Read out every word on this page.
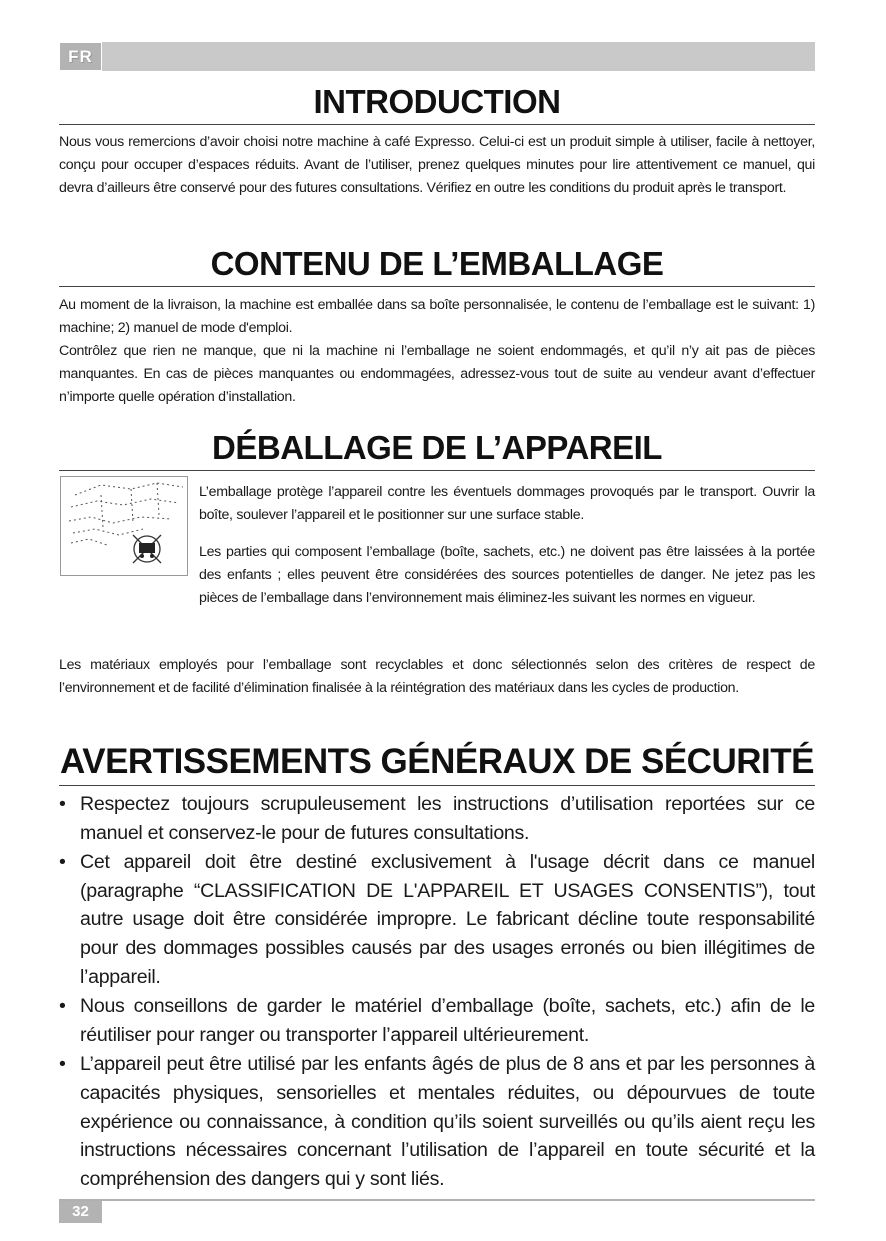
FR
INTRODUCTION

Nous vous remercions d’avoir choisi notre machine à café Expresso. Celui-ci est un produit simple à utiliser, facile à nettoyer, conçu pour occuper d’espaces réduits. Avant de l’utiliser, prenez quelques minutes pour lire attentivement ce manuel, qui devra d’ailleurs être conservé pour des futures consultations. Vérifiez en outre les conditions du produit après le transport.

CONTENU DE L’EMBALLAGE

Au moment de la livraison, la machine est emballée dans sa boîte personnalisée, le contenu de l’emballage est le suivant: 1) machine; 2) manuel de mode d'emploi.

Contrôlez que rien ne manque, que ni la machine ni l’emballage ne soient endommagés, et qu’il n’y ait pas de pièces manquantes. En cas de pièces manquantes ou endommagées, adressez-vous tout de suite au vendeur avant d’effectuer n’importe quelle opération d’installation.

DÉBALLAGE DE L’APPAREIL

L’emballage protège l’appareil contre les éventuels dommages provoqués par le transport. Ouvrir la boîte, soulever l’appareil et le positionner sur une surface stable.

Les parties qui composent l’emballage (boîte, sachets, etc.) ne doivent pas être laissées à la portée des enfants ; elles peuvent être considérées des sources potentielles de danger. Ne jetez pas les pièces de l’emballage dans l’environnement mais éliminez-les suivant les normes en vigueur.

Les matériaux employés pour l’emballage sont recyclables et donc sélectionnés selon des critères de respect de l’environnement et de facilité d’élimination finalisée à la réintégration des matériaux dans les cycles de production.

AVERTISSEMENTS GÉNÉRAUX DE SÉCURITÉ
• Respectez toujours scrupuleusement les instructions d’utilisation reportées sur ce manuel et conservez-le pour de futures consultations.
• Cet appareil doit être destiné exclusivement à l'usage décrit dans ce manuel (paragraphe “CLASSIFICATION DE L'APPAREIL ET USAGES CONSENTIS”), tout autre usage doit être considérée impropre. Le fabricant décline toute responsabilité pour des dommages possibles causés par des usages erronés ou bien illégitimes de l’appareil.
• Nous conseillons de garder le matériel d’emballage (boîte, sachets, etc.) afin de le réutiliser pour ranger ou transporter l’appareil ultérieurement.
• L’appareil peut être utilisé par les enfants âgés de plus de 8 ans et par les personnes à capacités physiques, sensorielles et mentales réduites, ou dépourvues de toute expérience ou connaissance, à condition qu’ils soient surveillés ou qu’ils aient reçu les instructions nécessaires concernant l’utilisation de l’appareil en toute sécurité et la compréhension des dangers qui y sont liés.
32
